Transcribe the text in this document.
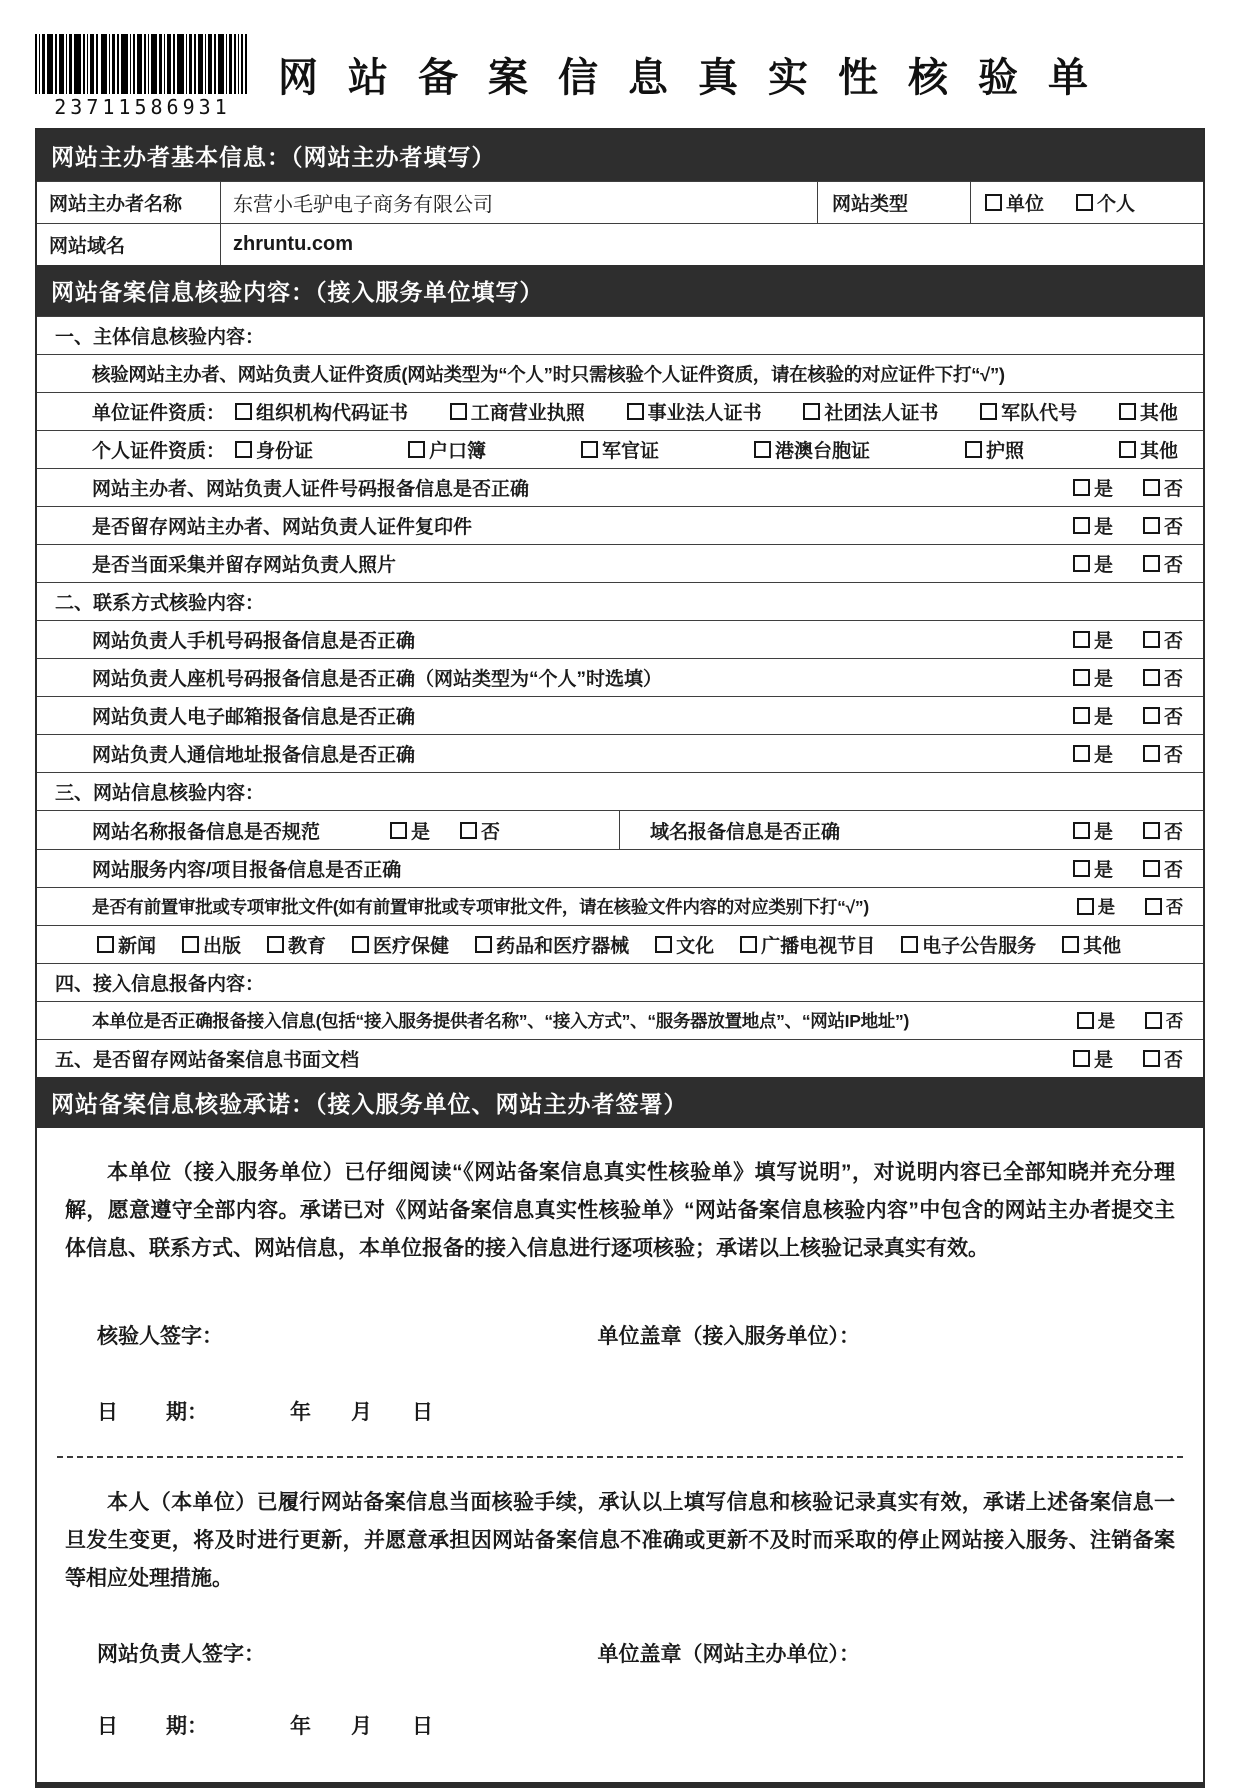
23711586931
网站备案信息真实性核验单
网站主办者基本信息：（网站主办者填写）
网站主办者名称	东营小毛驴电子商务有限公司	网站类型	单位	个人
网站域名	zhruntu.com
网站备案信息核验内容：（接入服务单位填写）
一、主体信息核验内容：
核验网站主办者、网站负责人证件资质(网站类型为“个人”时只需核验个人证件资质，请在核验的对应证件下打“√”)
单位证件资质： 组织机构代码证书	工商营业执照	事业法人证书	社团法人证书	军队代号	其他
个人证件资质： 身份证	户口簿	军官证	港澳台胞证	护照	其他
网站主办者、网站负责人证件号码报备信息是否正确	是	否
是否留存网站主办者、网站负责人证件复印件	是	否
是否当面采集并留存网站负责人照片	是	否
二、联系方式核验内容：
网站负责人手机号码报备信息是否正确	是	否
网站负责人座机号码报备信息是否正确（网站类型为“个人”时选填）	是	否
网站负责人电子邮箱报备信息是否正确	是	否
网站负责人通信地址报备信息是否正确	是	否
三、网站信息核验内容：
网站名称报备信息是否规范	是	否	域名报备信息是否正确	是	否
网站服务内容/项目报备信息是否正确	是	否
是否有前置审批或专项审批文件(如有前置审批或专项审批文件，请在核验文件内容的对应类别下打“√”)	是	否
新闻 出版 教育 医疗保健 药品和医疗器械 文化 广播电视节目 电子公告服务 其他
四、接入信息报备内容：
本单位是否正确报备接入信息(包括“接入服务提供者名称”、“接入方式”、“服务器放置地点”、“网站IP地址”)	是	否
五、是否留存网站备案信息书面文档	是	否
网站备案信息核验承诺：（接入服务单位、网站主办者签署）

本单位（接入服务单位）已仔细阅读“《网站备案信息真实性核验单》填写说明”，对说明内容已全部知晓并充分理解，愿意遵守全部内容。承诺已对《网站备案信息真实性核验单》“网站备案信息核验内容”中包含的网站主办者提交主体信息、联系方式、网站信息，本单位报备的接入信息进行逐项核验；承诺以上核验记录真实有效。

核验人签字：	单位盖章（接入服务单位）：
日 期：	年 月 日

本人（本单位）已履行网站备案信息当面核验手续，承认以上填写信息和核验记录真实有效，承诺上述备案信息一旦发生变更，将及时进行更新，并愿意承担因网站备案信息不准确或更新不及时而采取的停止网站接入服务、注销备案等相应处理措施。

网站负责人签字：	单位盖章（网站主办单位）：
日 期：	年 月 日
